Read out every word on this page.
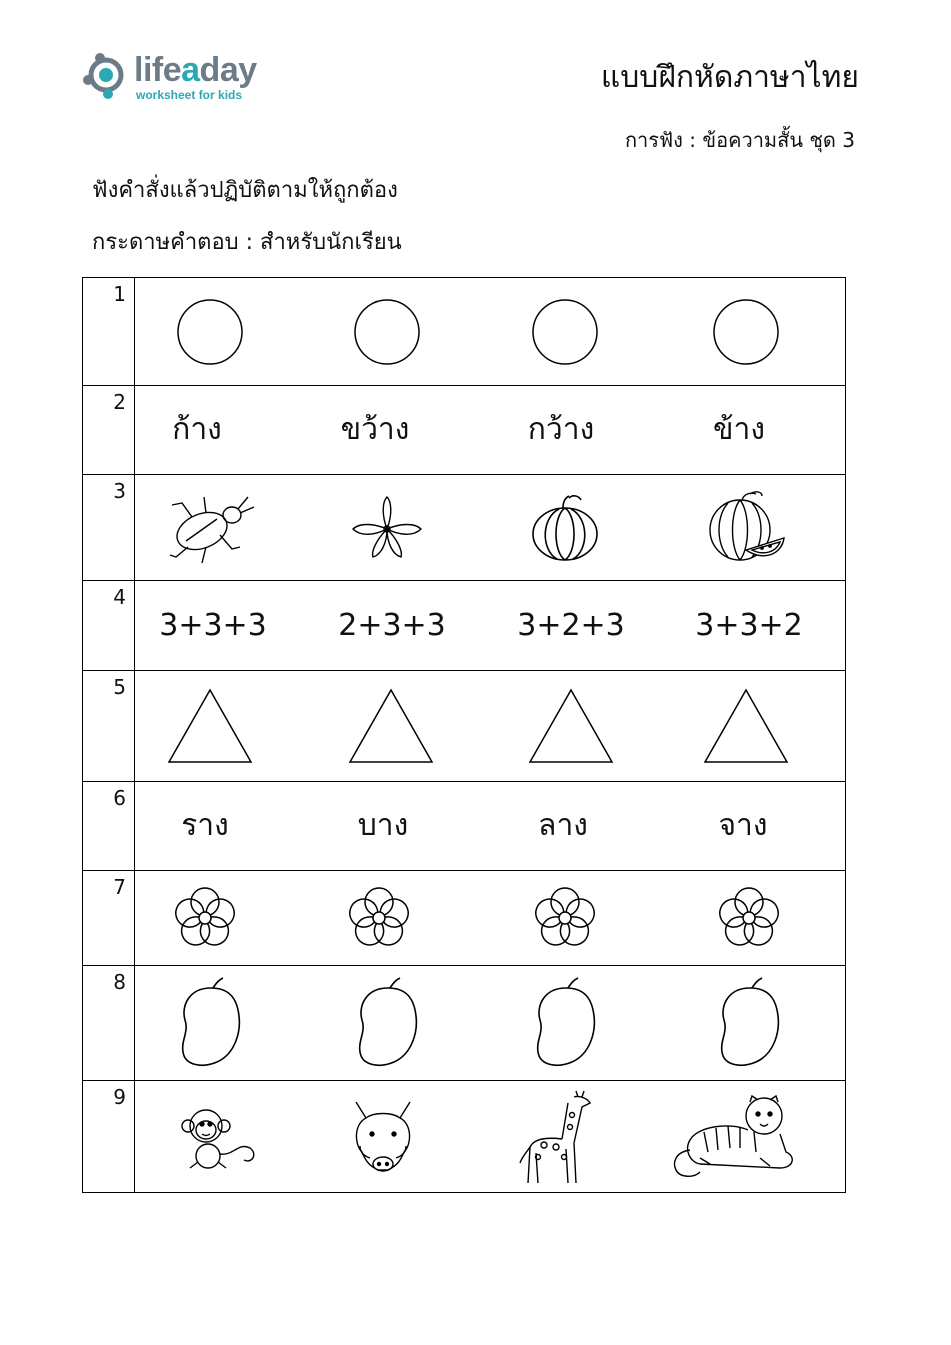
lifeaday
worksheet for kids	แบบฝึกหัดภาษาไทย
การฟัง : ข้อความสั้น ชุด 3
ฟังคำสั่งแล้วปฏิบัติตามให้ถูกต้อง
กระดาษคำตอบ : สำหรับนักเรียน
1	

2	ก้าง ขว้าง กว้าง ข้าง

3	

4	3+3+3 2+3+3 3+2+3 3+3+2

5	

6	ราง บาง ลาง จาง

7	

8	

9	
